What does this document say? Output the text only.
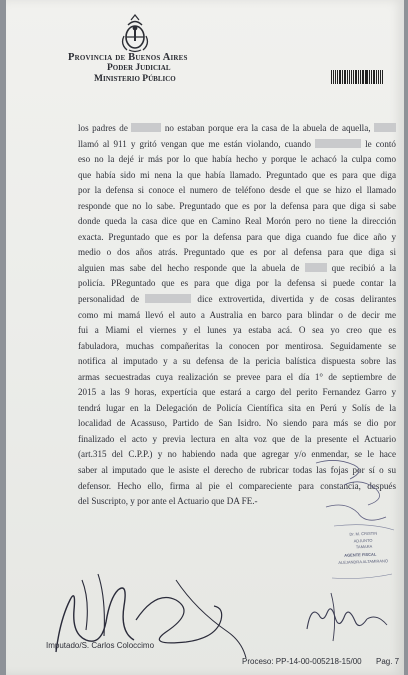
Provincia de Buenos Aires
Poder Judicial
Ministerio Público
los padres de	no estaban porque era la casa de la abuela de aquella,
llamó al 911 y gritó vengan que me están violando, cuando	le contó
eso no la dejé ir más por lo que había hecho y porque le achacó la culpa como
que había sido mi nena la que había llamado. Preguntado que es para que diga
por la defensa si conoce el numero de teléfono desde el que se hizo el llamado
responde que no lo sabe. Preguntado que es por la defensa para que diga si sabe
donde queda la casa dice que en Camino Real Morón pero no tiene la dirección
exacta. Preguntado que es por la defensa para que diga cuando fue dice año y
medio o dos años atrás. Preguntado que es por al defensa para que diga si
alguien mas sabe del hecho responde que la abuela de  que recibió a la
policía. PReguntado que es para que diga por la defensa si puede contar la
personalidad de	dice extrovertida, divertida y de cosas delirantes
como mi mamá llevó el auto a Australia en barco para blindar o de decir me
fui a Miami el viernes y el lunes ya estaba acá. O sea yo creo que es
fabuladora, muchas compañeritas la conocen por mentirosa. Seguidamente se
notifica al imputado y a su defensa de la pericia balística dispuesta sobre las
armas secuestradas cuya realización se prevee para el día 1° de septiembre de
2015 a las 9 horas, expertícia que estará a cargo del perito Fernandez Garro y
tendrá lugar en la Delegación de Policía Científica sita en Perú y Solís de la
localidad de Acassuso, Partido de San Isidro. No siendo para más se dio por
finalizado el acto y previa lectura en alta voz que de la presente el Actuario
(art.315 del C.P.P.) y no habiendo nada que agregar y/o enmendar, se le hace
saber al imputado que le asiste el derecho de rubricar todas las fojas por sí o su
defensor. Hecho ello, firma al pie el compareciente para constancia, después
del Suscripto, y por ante el Actuario que DA FE.-
Dr. M. CRISTIN
ADJUNTO
TAMARA
AGENTE FISCAL
ALEJANDRA ALTAMIRANO
Imputado/S. Carlos Coloccimo
Proceso: PP-14-00-005218-15/00 Pag. 7
